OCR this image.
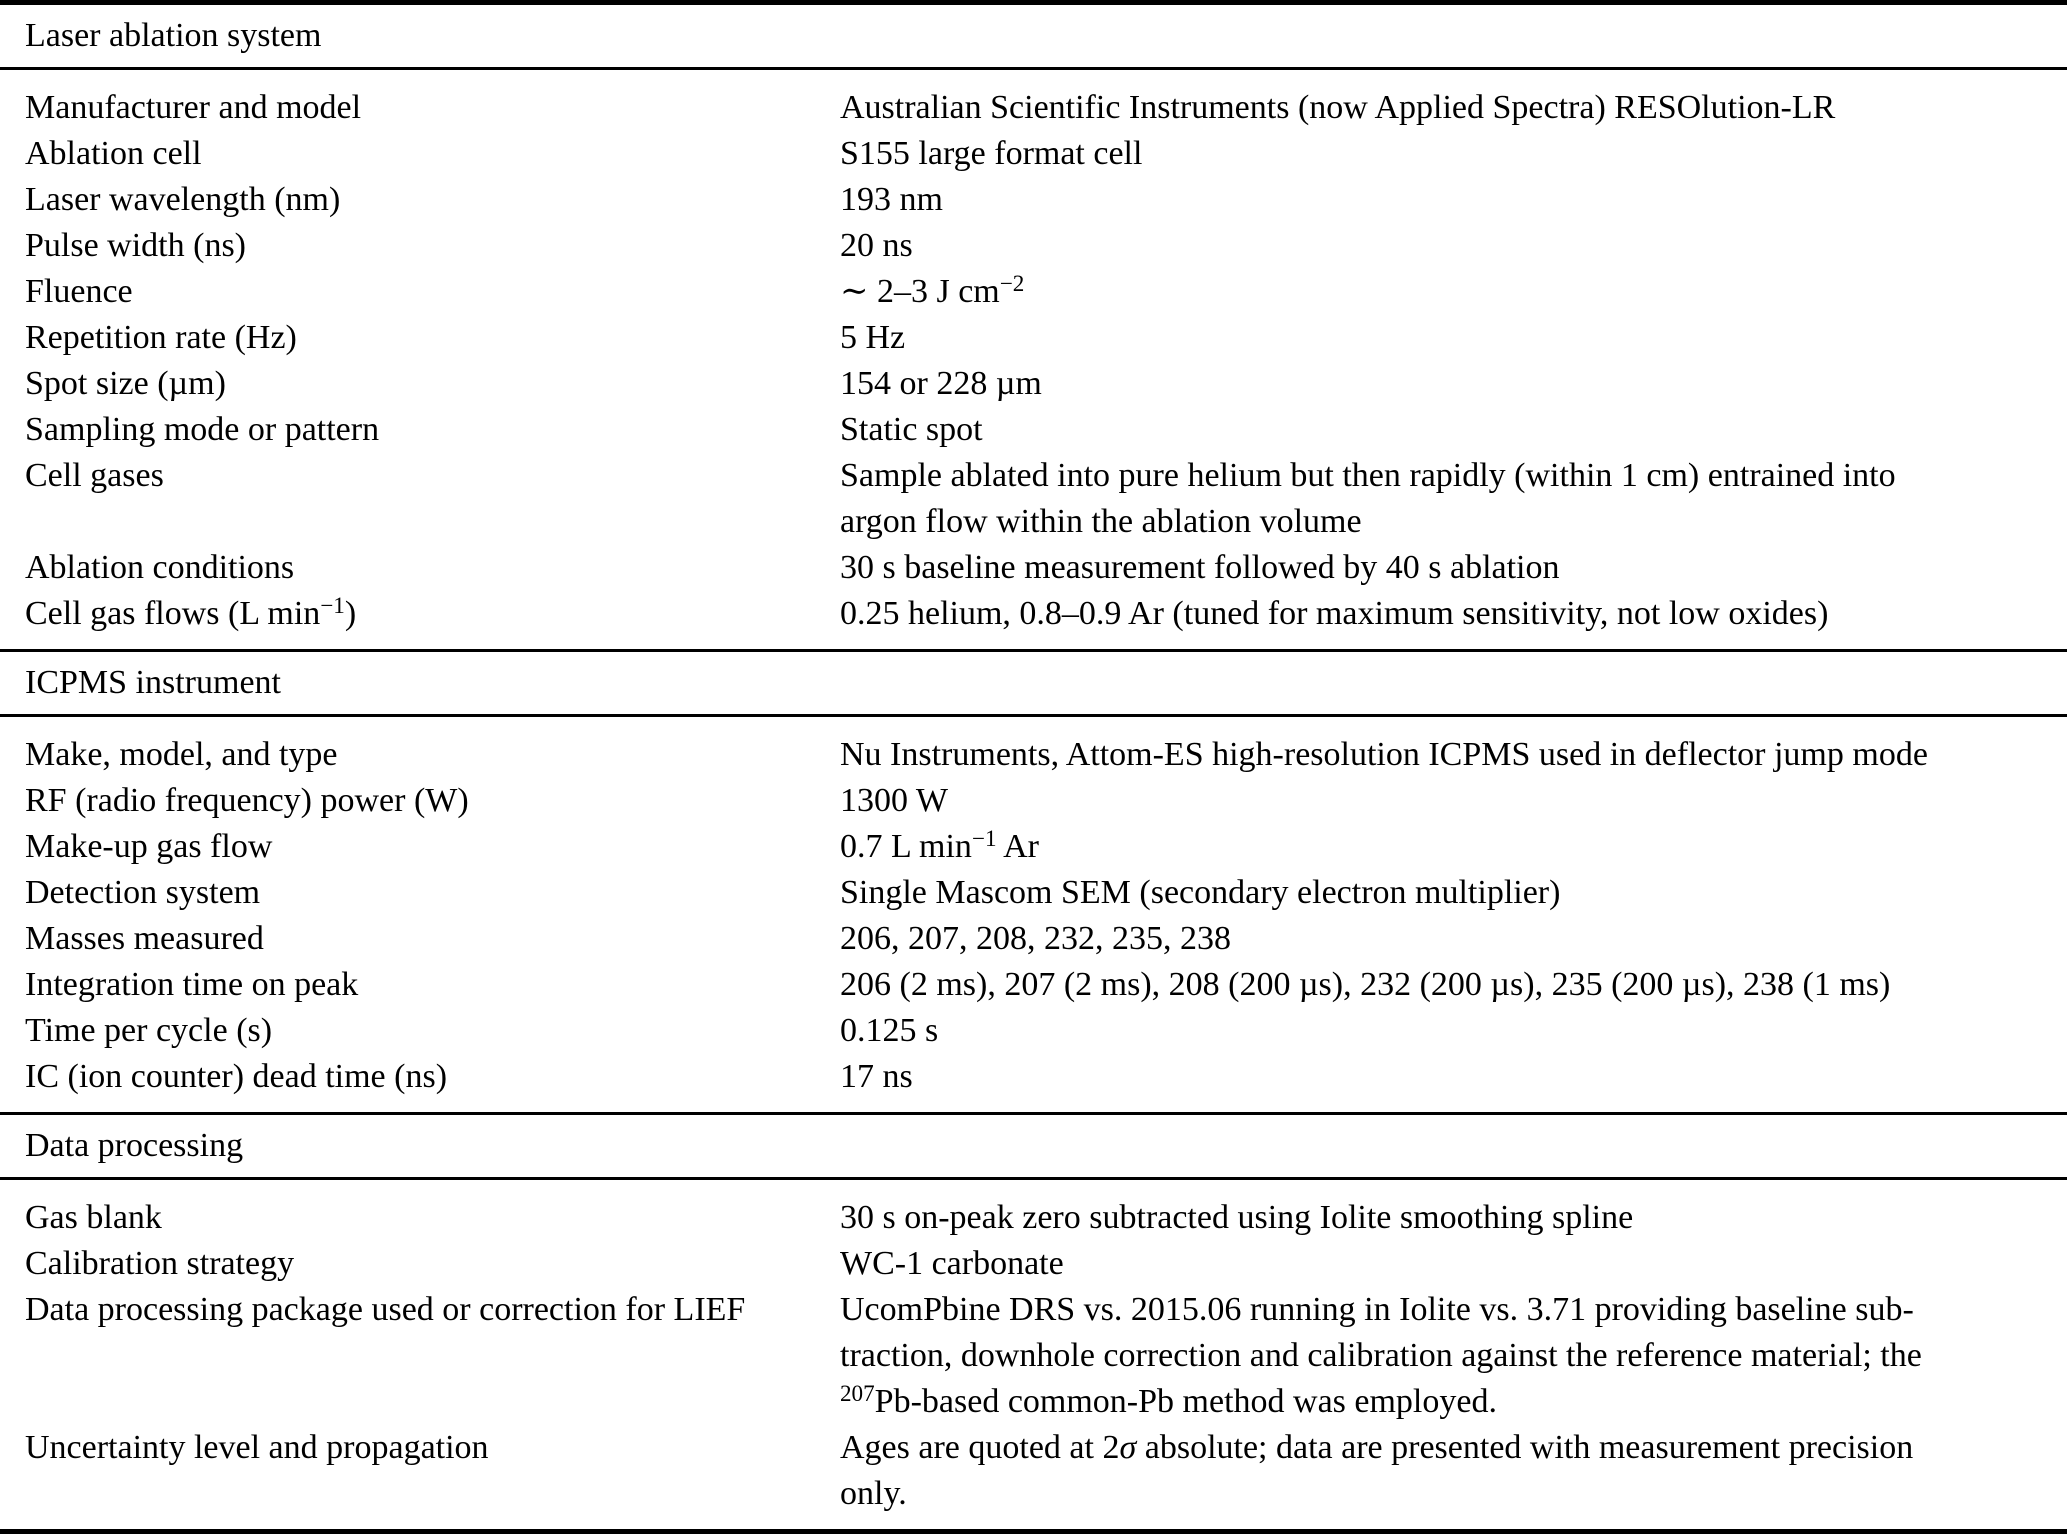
Laser ablation system
Manufacturer and model	Australian Scientific Instruments (now Applied Spectra) RESOlution-LR
Ablation cell	S155 large format cell
Laser wavelength (nm)	193 nm
Pulse width (ns)	20 ns
Fluence	∼ 2–3 J $cm^{-2}$
Repetition rate (Hz)	5 Hz
Spot size (µm)	154 or 228 µm
Sampling mode or pattern	Static spot
Cell gases	Sample ablated into pure helium but then rapidly (within 1 cm) entrained into
argon flow within the ablation volume
Ablation conditions	30 s baseline measurement followed by 40 s ablation
Cell gas flows (L $\min^{-1}$)	0.25 helium, 0.8–0.9 Ar (tuned for maximum sensitivity, not low oxides)
ICPMS instrument
Make, model, and type	Nu Instruments, Attom-ES high-resolution ICPMS used in deflector jump mode
RF (radio frequency) power (W)	1300 W
Make-up gas flow	0.7 L $\min^{-1} Ar$
Detection system	Single Mascom SEM (secondary electron multiplier)
Masses measured	206, 207, 208, 232, 235, 238
Integration time on peak	206 (2 ms), 207 (2 ms), 208 (200 µs), 232 (200 µs), 235 (200 µs), 238 (1 ms)
Time per cycle (s)	0.125 s
IC (ion counter) dead time (ns)	17 ns
Data processing
Gas blank	30 s on-peak zero subtracted using Iolite smoothing spline
Calibration strategy	WC-1 carbonate
Data processing package used or correction for LIEF	UcomPbine DRS vs. 2015.06 running in Iolite vs. 3.71 providing baseline sub-
traction, downhole correction and calibration against the reference material; the
$^{207}$Pb-based common-Pb method was employed.
Uncertainty level and propagation	Ages are quoted at 2σ absolute; data are presented with measurement precision
only.
